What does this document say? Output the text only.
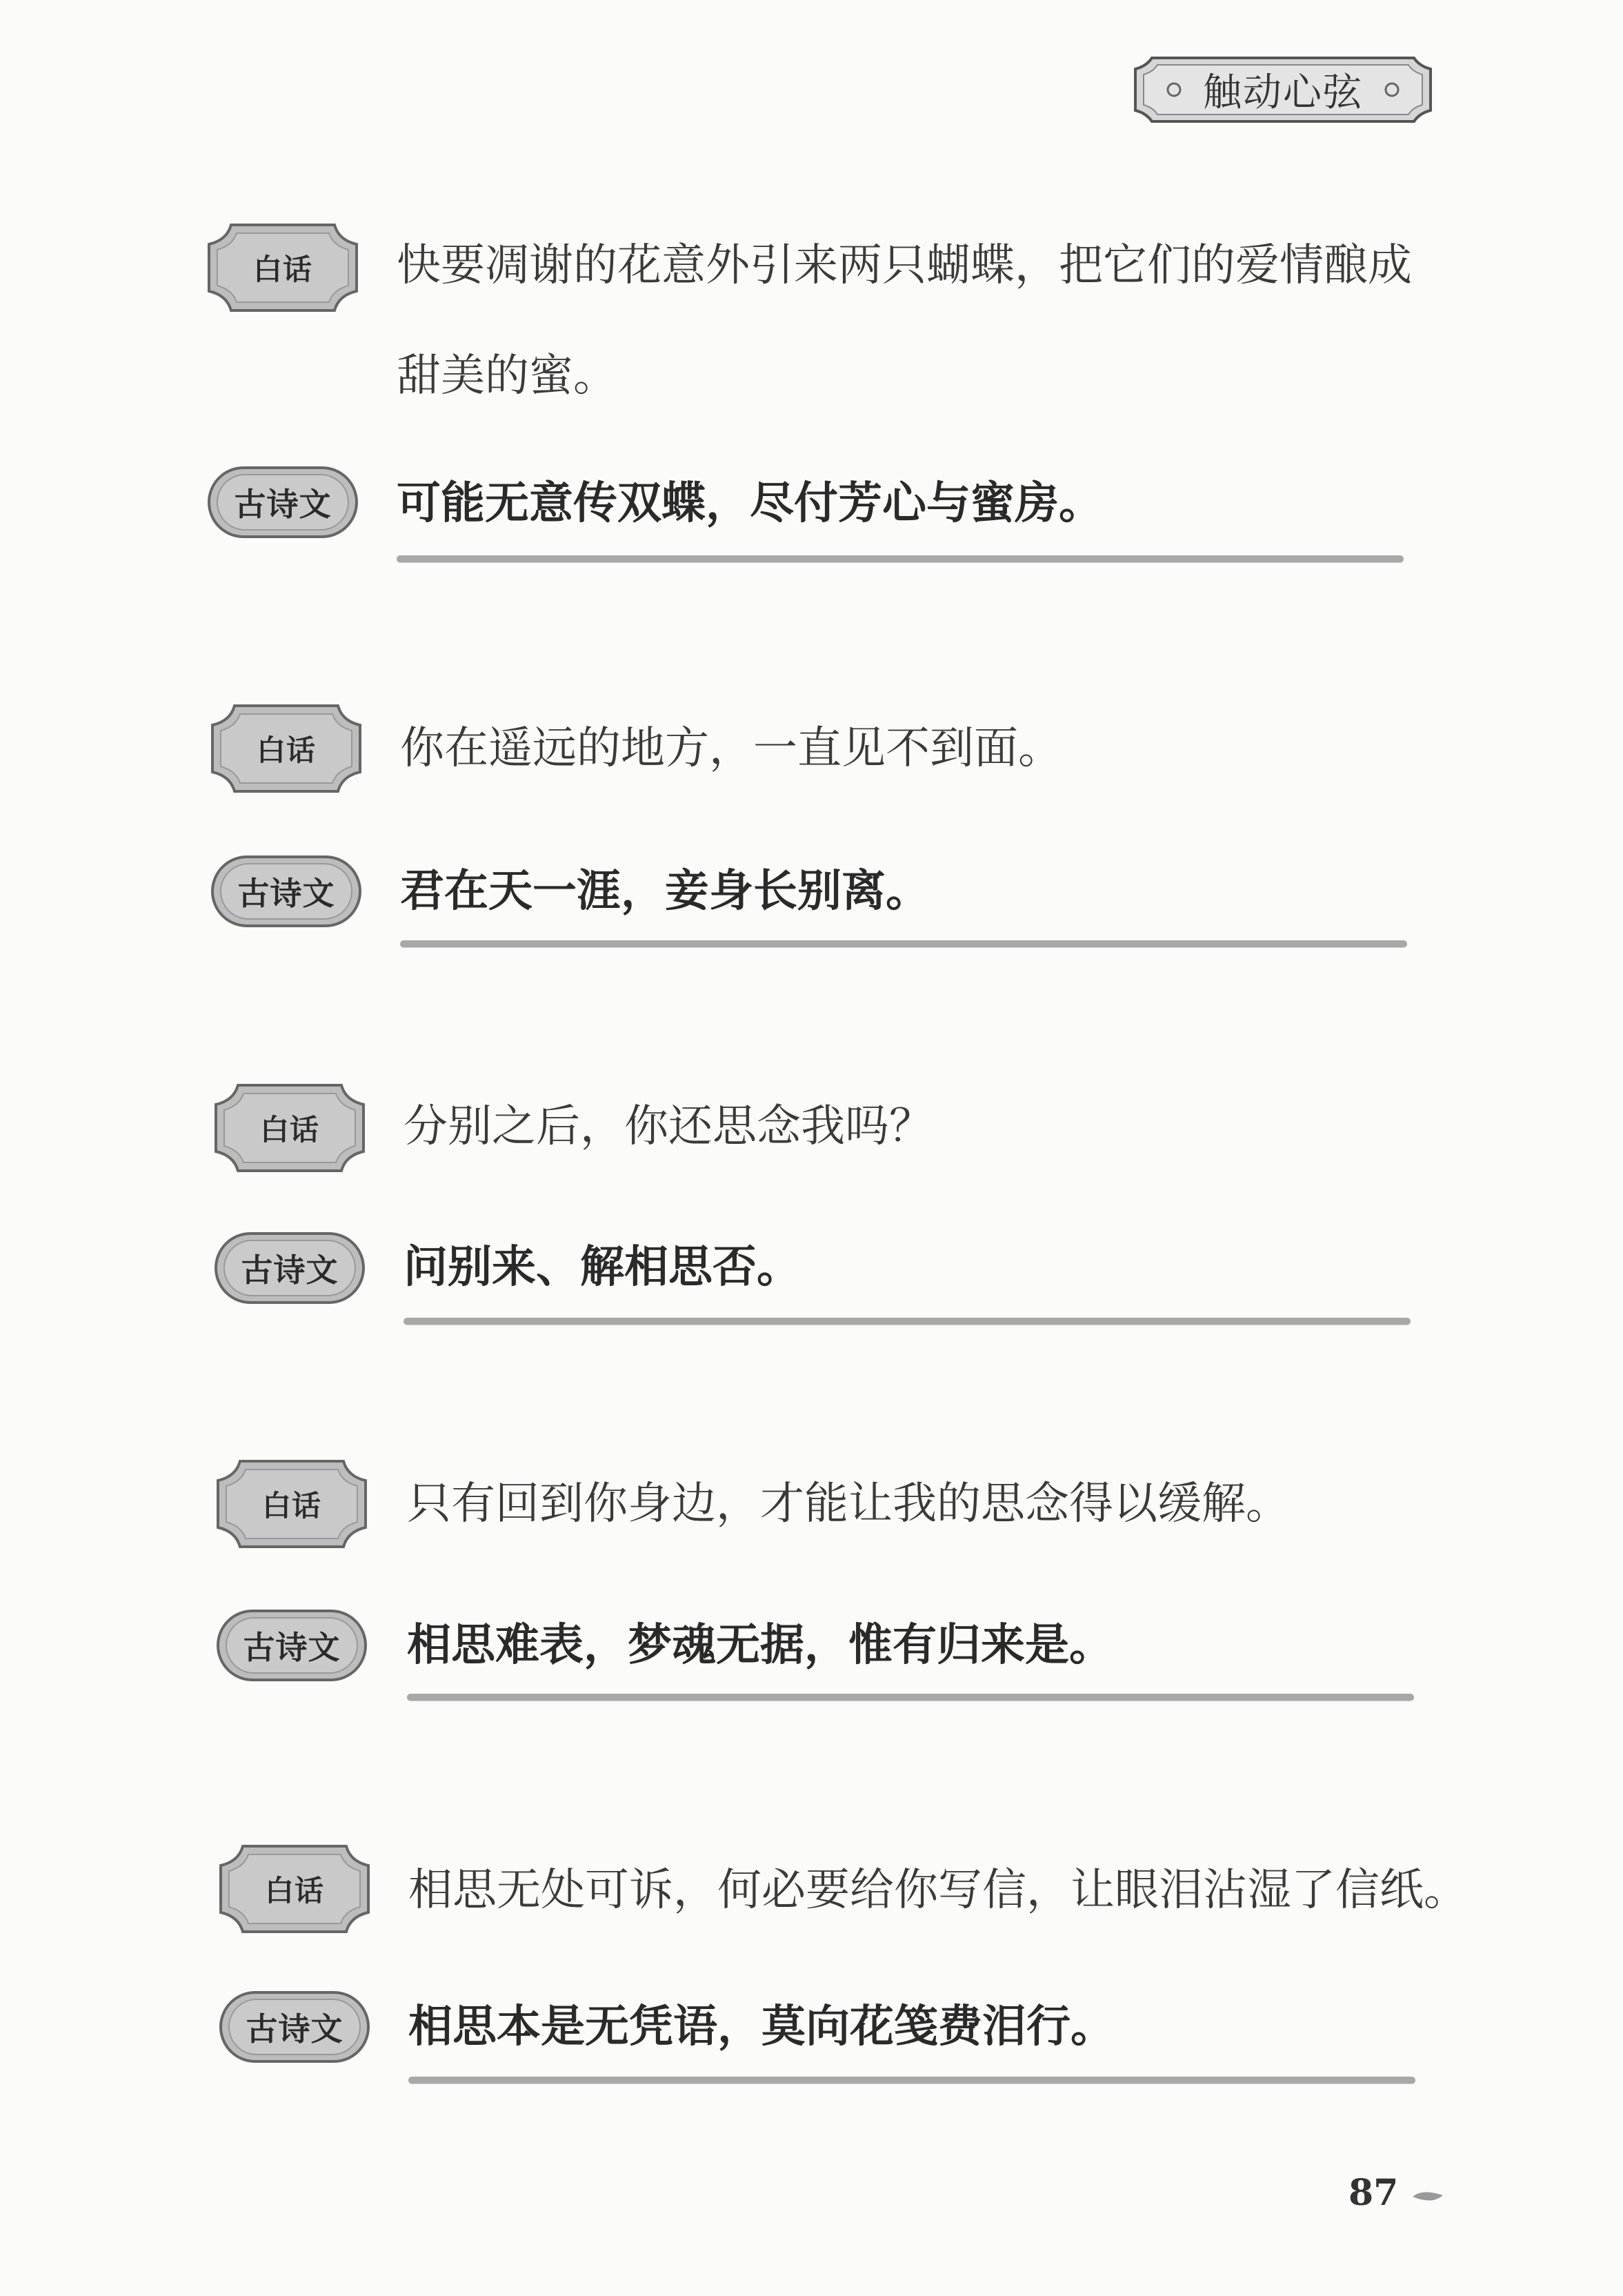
触动心弦
白话	快要凋谢的花意外引来两只蝴蝶，把它们的爱情酿成
甜美的蜜。
古诗文	可能无意传双蝶，尽付芳心与蜜房。
白话	你在遥远的地方，一直见不到面。
古诗文	君在天一涯，妾身长别离。
白话	分别之后，你还思念我吗？
古诗文	问别来、解相思否。
白话	只有回到你身边，才能让我的思念得以缓解。
古诗文	相思难表，梦魂无据，惟有归来是。
白话	相思无处可诉，何必要给你写信，让眼泪沾湿了信纸。
古诗文	相思本是无凭语，莫向花笺费泪行。
87
